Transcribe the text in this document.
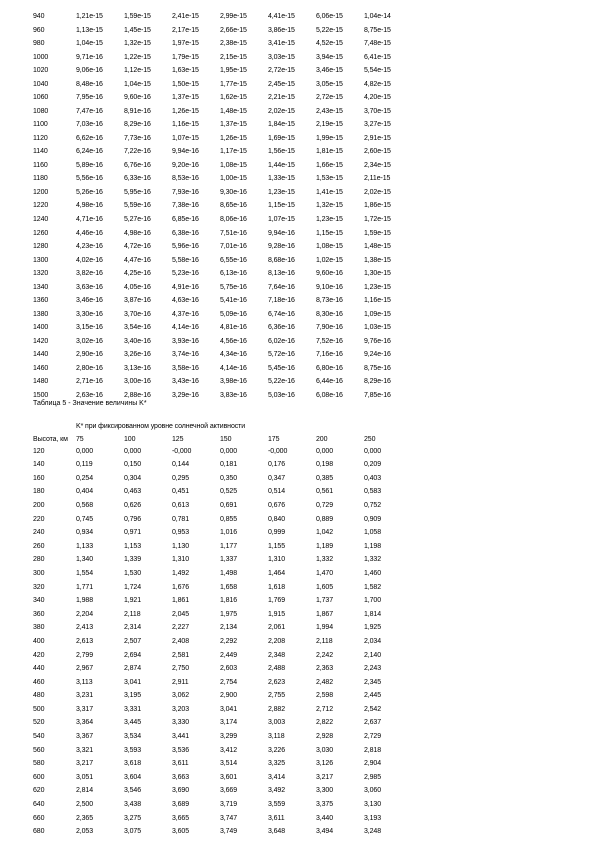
940	1,21e-15	1,59e-15	2,41e-15	2,99e-15	4,41e-15	6,06e-15	1,04e-14
960	1,13e-15	1,45e-15	2,17e-15	2,66e-15	3,86e-15	5,22e-15	8,75e-15
980	1,04e-15	1,32e-15	1,97e-15	2,38e-15	3,41e-15	4,52e-15	7,48e-15
1000	9,71e-16	1,22e-15	1,79e-15	2,15e-15	3,03e-15	3,94e-15	6,41e-15
1020	9,06e-16	1,12e-15	1,63e-15	1,95e-15	2,72e-15	3,46e-15	5,54e-15
1040	8,48e-16	1,04e-15	1,50e-15	1,77e-15	2,45e-15	3,05e-15	4,82e-15
1060	7,95e-16	9,60e-16	1,37e-15	1,62e-15	2,21e-15	2,72e-15	4,20e-15
1080	7,47e-16	8,91e-16	1,26e-15	1,48e-15	2,02e-15	2,43e-15	3,70e-15
1100	7,03e-16	8,29e-16	1,16e-15	1,37e-15	1,84e-15	2,19e-15	3,27e-15
1120	6,62e-16	7,73e-16	1,07e-15	1,26e-15	1,69e-15	1,99e-15	2,91e-15
1140	6,24e-16	7,22e-16	9,94e-16	1,17e-15	1,56e-15	1,81e-15	2,60e-15
1160	5,89e-16	6,76e-16	9,20e-16	1,08e-15	1,44e-15	1,66e-15	2,34e-15
1180	5,56e-16	6,33e-16	8,53e-16	1,00e-15	1,33e-15	1,53e-15	2,11e-15
1200	5,26e-16	5,95e-16	7,93e-16	9,30e-16	1,23e-15	1,41e-15	2,02e-15
1220	4,98e-16	5,59e-16	7,38e-16	8,65e-16	1,15e-15	1,32e-15	1,86e-15
1240	4,71e-16	5,27e-16	6,85e-16	8,06e-16	1,07e-15	1,23e-15	1,72e-15
1260	4,46e-16	4,98e-16	6,38e-16	7,51e-16	9,94e-16	1,15e-15	1,59e-15
1280	4,23e-16	4,72e-16	5,96e-16	7,01e-16	9,28e-16	1,08e-15	1,48e-15
1300	4,02e-16	4,47e-16	5,58e-16	6,55e-16	8,68e-16	1,02e-15	1,38e-15
1320	3,82e-16	4,25e-16	5,23e-16	6,13e-16	8,13e-16	9,60e-16	1,30e-15
1340	3,63e-16	4,05e-16	4,91e-16	5,75e-16	7,64e-16	9,10e-16	1,23e-15
1360	3,46e-16	3,87e-16	4,63e-16	5,41e-16	7,18e-16	8,73e-16	1,16e-15
1380	3,30e-16	3,70e-16	4,37e-16	5,09e-16	6,74e-16	8,30e-16	1,09e-15
1400	3,15e-16	3,54e-16	4,14e-16	4,81e-16	6,36e-16	7,90e-16	1,03e-15
1420	3,02e-16	3,40e-16	3,93e-16	4,56e-16	6,02e-16	7,52e-16	9,76e-16
1440	2,90e-16	3,26e-16	3,74e-16	4,34e-16	5,72e-16	7,16e-16	9,24e-16
1460	2,80e-16	3,13e-16	3,58e-16	4,14e-16	5,45e-16	6,80e-16	8,75e-16
1480	2,71e-16	3,00e-16	3,43e-16	3,98e-16	5,22e-16	6,44e-16	8,29e-16
1500	2,63e-16	2,88e-16	3,29e-16	3,83e-16	5,03e-16	6,08e-16	7,85e-16
Таблица 5 - Значение величины K*
	K* при фиксированном уровне солнечной активности						
Высота, км	75	100	125	150	175	200	250
120	0,000	0,000	-0,000	0,000	-0,000	0,000	0,000
140	0,119	0,150	0,144	0,181	0,176	0,198	0,209
160	0,254	0,304	0,295	0,350	0,347	0,385	0,403
180	0,404	0,463	0,451	0,525	0,514	0,561	0,583
200	0,568	0,626	0,613	0,691	0,676	0,729	0,752
220	0,745	0,796	0,781	0,855	0,840	0,889	0,909
240	0,934	0,971	0,953	1,016	0,999	1,042	1,058
260	1,133	1,153	1,130	1,177	1,155	1,189	1,198
280	1,340	1,339	1,310	1,337	1,310	1,332	1,332
300	1,554	1,530	1,492	1,498	1,464	1,470	1,460
320	1,771	1,724	1,676	1,658	1,618	1,605	1,582
340	1,988	1,921	1,861	1,816	1,769	1,737	1,700
360	2,204	2,118	2,045	1,975	1,915	1,867	1,814
380	2,413	2,314	2,227	2,134	2,061	1,994	1,925
400	2,613	2,507	2,408	2,292	2,208	2,118	2,034
420	2,799	2,694	2,581	2,449	2,348	2,242	2,140
440	2,967	2,874	2,750	2,603	2,488	2,363	2,243
460	3,113	3,041	2,911	2,754	2,623	2,482	2,345
480	3,231	3,195	3,062	2,900	2,755	2,598	2,445
500	3,317	3,331	3,203	3,041	2,882	2,712	2,542
520	3,364	3,445	3,330	3,174	3,003	2,822	2,637
540	3,367	3,534	3,441	3,299	3,118	2,928	2,729
560	3,321	3,593	3,536	3,412	3,226	3,030	2,818
580	3,217	3,618	3,611	3,514	3,325	3,126	2,904
600	3,051	3,604	3,663	3,601	3,414	3,217	2,985
620	2,814	3,546	3,690	3,669	3,492	3,300	3,060
640	2,500	3,438	3,689	3,719	3,559	3,375	3,130
660	2,365	3,275	3,665	3,747	3,611	3,440	3,193
680	2,053	3,075	3,605	3,749	3,648	3,494	3,248
